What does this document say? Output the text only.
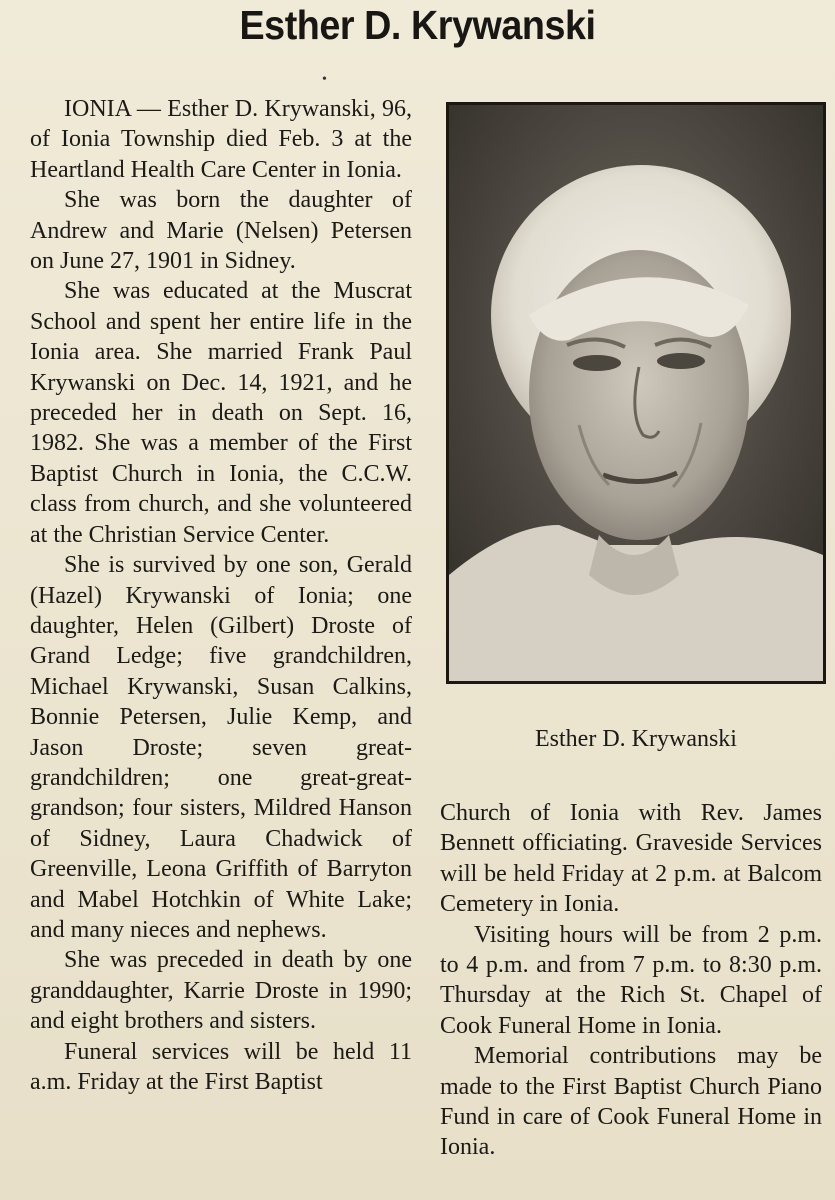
Esther D. Krywanski
•

IONIA — Esther D. Krywanski, 96, of Ionia Township died Feb. 3 at the Heartland Health Care Center in Ionia.

She was born the daughter of Andrew and Marie (Nelsen) Petersen on June 27, 1901 in Sidney.

She was educated at the Muscrat School and spent her entire life in the Ionia area. She married Frank Paul Krywanski on Dec. 14, 1921, and he preceded her in death on Sept. 16, 1982. She was a member of the First Baptist Church in Ionia, the C.C.W. class from church, and she volunteered at the Christian Service Center.

She is survived by one son, Gerald (Hazel) Krywanski of Ionia; one daughter, Helen (Gilbert) Droste of Grand Ledge; five grandchildren, Michael Krywanski, Susan Calkins, Bonnie Petersen, Julie Kemp, and Jason Droste; seven great-grandchildren; one great-great-grandson; four sisters, Mildred Hanson of Sidney, Laura Chadwick of Greenville, Leona Griffith of Barryton and Mabel Hotchkin of White Lake; and many nieces and nephews.

She was preceded in death by one granddaughter, Karrie Droste in 1990; and eight brothers and sisters.

Funeral services will be held 11 a.m. Friday at the First Baptist

Esther D. Krywanski

Church of Ionia with Rev. James Bennett officiating. Graveside Services will be held Friday at 2 p.m. at Balcom Cemetery in Ionia.

Visiting hours will be from 2 p.m. to 4 p.m. and from 7 p.m. to 8:30 p.m. Thursday at the Rich St. Chapel of Cook Funeral Home in Ionia.

Memorial contributions may be made to the First Baptist Church Piano Fund in care of Cook Funeral Home in Ionia.
